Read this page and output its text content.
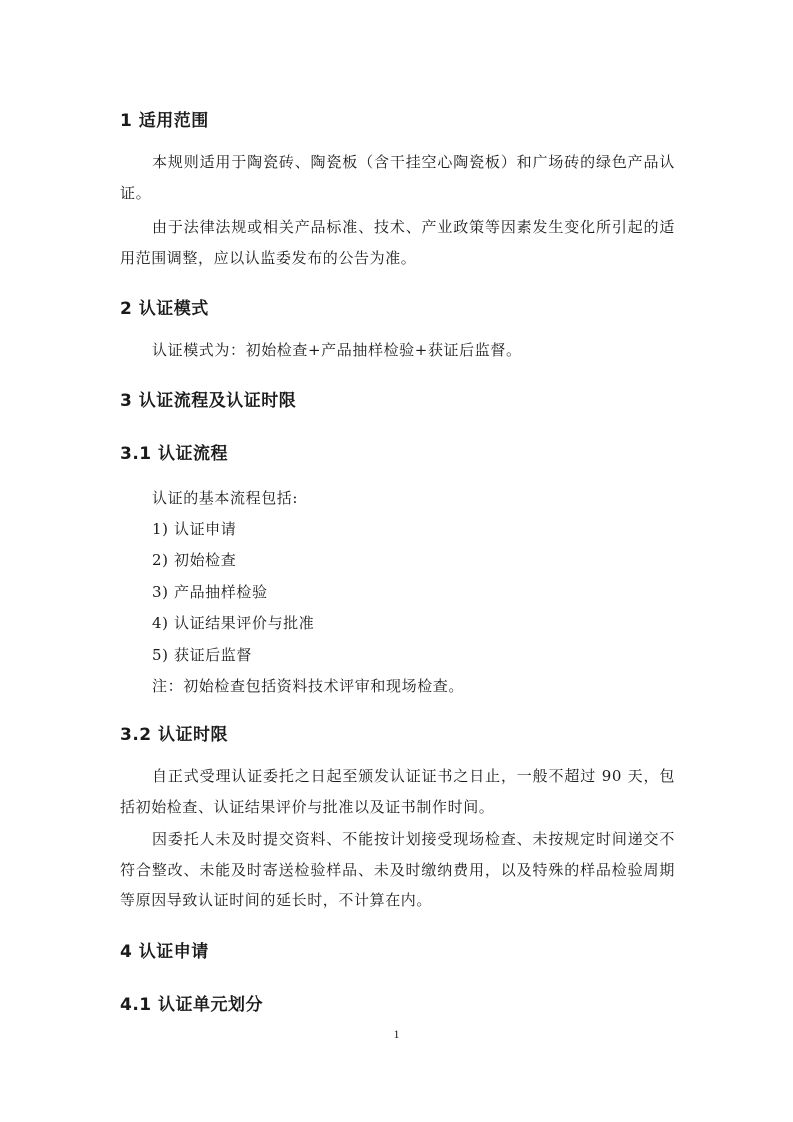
1 适用范围
本规则适用于陶瓷砖、陶瓷板（含干挂空心陶瓷板）和广场砖的绿色产品认证。
由于法律法规或相关产品标准、技术、产业政策等因素发生变化所引起的适用范围调整，应以认监委发布的公告为准。
2 认证模式
认证模式为：初始检查+产品抽样检验+获证后监督。
3 认证流程及认证时限
3.1 认证流程
认证的基本流程包括:
1) 认证申请
2) 初始检查
3) 产品抽样检验
4) 认证结果评价与批准
5) 获证后监督
注：初始检查包括资料技术评审和现场检查。
3.2 认证时限
自正式受理认证委托之日起至颁发认证证书之日止，一般不超过 90 天，包括初始检查、认证结果评价与批准以及证书制作时间。
因委托人未及时提交资料、不能按计划接受现场检查、未按规定时间递交不符合整改、未能及时寄送检验样品、未及时缴纳费用，以及特殊的样品检验周期等原因导致认证时间的延长时，不计算在内。
4 认证申请
4.1 认证单元划分
1
